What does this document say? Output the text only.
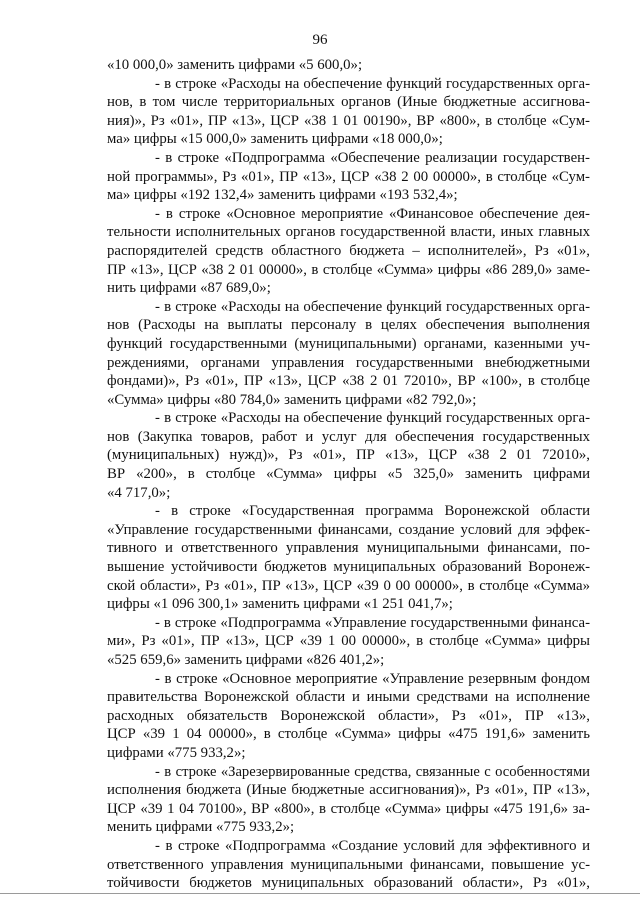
96
«10 000,0» заменить цифрами «5 600,0»;
- в строке «Расходы на обеспечение функций государственных орга-
нов, в том числе территориальных органов (Иные бюджетные ассигнова-
ния)», Рз «01», ПР «13», ЦСР «38 1 01 00190», ВР «800», в столбце «Сум-
ма» цифры «15 000,0» заменить цифрами «18 000,0»;
- в строке «Подпрограмма «Обеспечение реализации государствен-
ной программы», Рз «01», ПР «13», ЦСР «38 2 00 00000», в столбце «Сум-
ма» цифры «192 132,4» заменить цифрами «193 532,4»;
- в строке «Основное мероприятие «Финансовое обеспечение дея-
тельности исполнительных органов государственной власти, иных главных
распорядителей средств областного бюджета – исполнителей», Рз «01»,
ПР «13», ЦСР «38 2 01 00000», в столбце «Сумма» цифры «86 289,0» заме-
нить цифрами «87 689,0»;
- в строке «Расходы на обеспечение функций государственных орга-
нов (Расходы на выплаты персоналу в целях обеспечения выполнения
функций государственными (муниципальными) органами, казенными уч-
реждениями, органами управления государственными внебюджетными
фондами)», Рз «01», ПР «13», ЦСР «38 2 01 72010», ВР «100», в столбце
«Сумма» цифры «80 784,0» заменить цифрами «82 792,0»;
- в строке «Расходы на обеспечение функций государственных орга-
нов (Закупка товаров, работ и услуг для обеспечения государственных
(муниципальных) нужд)», Рз «01», ПР «13», ЦСР «38 2 01 72010»,
ВР «200», в столбце «Сумма» цифры «5 325,0» заменить цифрами
«4 717,0»;
- в строке «Государственная программа Воронежской области
«Управление государственными финансами, создание условий для эффек-
тивного и ответственного управления муниципальными финансами, по-
вышение устойчивости бюджетов муниципальных образований Воронеж-
ской области», Рз «01», ПР «13», ЦСР «39 0 00 00000», в столбце «Сумма»
цифры «1 096 300,1» заменить цифрами «1 251 041,7»;
- в строке «Подпрограмма «Управление государственными финанса-
ми», Рз «01», ПР «13», ЦСР «39 1 00 00000», в столбце «Сумма» цифры
«525 659,6» заменить цифрами «826 401,2»;
- в строке «Основное мероприятие «Управление резервным фондом
правительства Воронежской области и иными средствами на исполнение
расходных обязательств Воронежской области», Рз «01», ПР «13»,
ЦСР «39 1 04 00000», в столбце «Сумма» цифры «475 191,6» заменить
цифрами «775 933,2»;
- в строке «Зарезервированные средства, связанные с особенностями
исполнения бюджета (Иные бюджетные ассигнования)», Рз «01», ПР «13»,
ЦСР «39 1 04 70100», ВР «800», в столбце «Сумма» цифры «475 191,6» за-
менить цифрами «775 933,2»;
- в строке «Подпрограмма «Создание условий для эффективного и
ответственного управления муниципальными финансами, повышение ус-
тойчивости бюджетов муниципальных образований области», Рз «01»,
